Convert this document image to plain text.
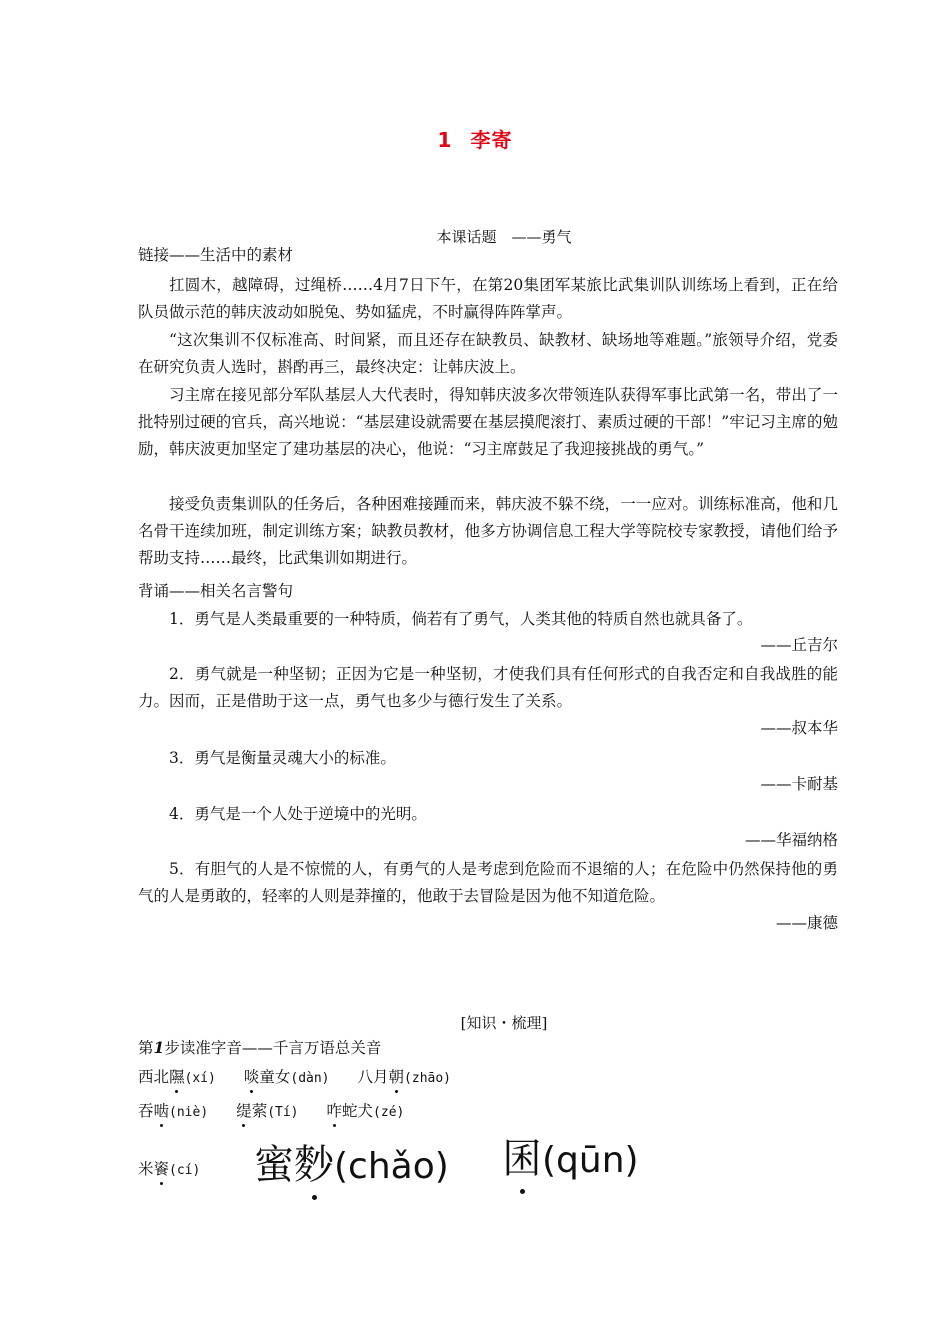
1 李寄
本课话题　——勇气
链接——生活中的素材
扛圆木，越障碍，过绳桥……4月7日下午，在第20集团军某旅比武集训队训练场上看到，正在给队员做示范的韩庆波动如脱兔、势如猛虎，不时赢得阵阵掌声。
“这次集训不仅标准高、时间紧，而且还存在缺教员、缺教材、缺场地等难题。”旅领导介绍，党委在研究负责人选时，斟酌再三，最终决定：让韩庆波上。
习主席在接见部分军队基层人大代表时，得知韩庆波多次带领连队获得军事比武第一名，带出了一批特别过硬的官兵，高兴地说：“基层建设就需要在基层摸爬滚打、素质过硬的干部！”牢记习主席的勉励，韩庆波更加坚定了建功基层的决心，他说：“习主席鼓足了我迎接挑战的勇气。”
接受负责集训队的任务后，各种困难接踵而来，韩庆波不躲不绕，一一应对。训练标准高，他和几名骨干连续加班，制定训练方案；缺教员教材，他多方协调信息工程大学等院校专家教授，请他们给予帮助支持……最终，比武集训如期进行。
背诵——相关名言警句
1．勇气是人类最重要的一种特质，倘若有了勇气，人类其他的特质自然也就具备了。
——丘吉尔
2．勇气就是一种坚韧；正因为它是一种坚韧，才使我们具有任何形式的自我否定和自我战胜的能力。因而，正是借助于这一点，勇气也多少与德行发生了关系。
——叔本华
3．勇气是衡量灵魂大小的标准。
——卡耐基
4．勇气是一个人处于逆境中的光明。
——华福纳格
5．有胆气的人是不惊慌的人，有勇气的人是考虑到危险而不退缩的人；在危险中仍然保持他的勇气的人是勇敢的，轻率的人则是莽撞的，他敢于去冒险是因为他不知道危险。
——康德
[知识・梳理]
第1步读准字音——千言万语总关音
西北隰(xí) 啖童女(dàn) 八月朝(zhāo)
吞啮(niè) 缇萦(Tí) 咋蛇犬(zé)
米餈(cí)	蜜麨(chǎo) 囷(qūn)
